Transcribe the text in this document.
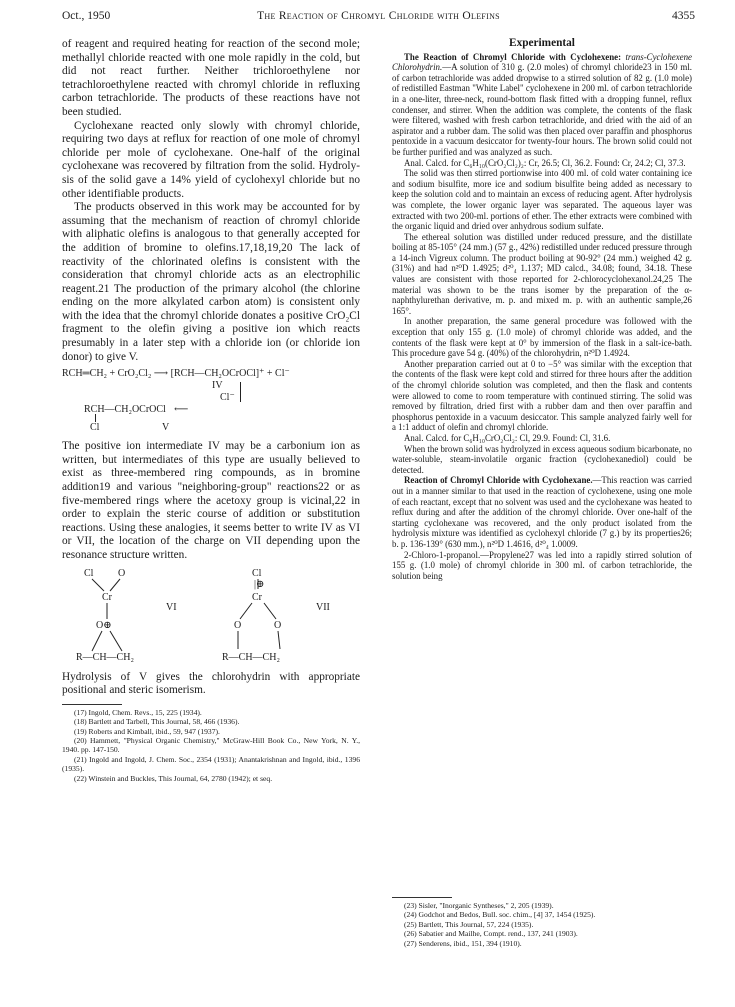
Oct., 1950	The Reaction of Chromyl Chloride with Olefins	4355

of reagent and required heating for reaction of the second mole; methallyl chloride reacted with one mole rapidly in the cold, but did not react further. Neither trichloroethylene nor tetrachloroethylene reacted with chromyl chloride in refluxing carbon tetrachloride. The products of these reactions have not been studied.

Cyclohexane reacted only slowly with chromyl chloride, requiring two days at reflux for reaction of one mole of chromyl chloride per mole of cyclohexane. One-half of the original cyclohexane was recovered by filtration from the solid. Hydrolysis of the solid gave a 14% yield of cyclohexyl chloride but no other identifiable products.

The products observed in this work may be accounted for by assuming that the mechanism of reaction of chromyl chloride with aliphatic olefins is analogous to that generally accepted for the addition of bromine to olefins.17,18,19,20 The lack of reactivity of the chlorinated olefins is consistent with the consideration that chromyl chloride acts as an electrophilic reagent.21 The production of the primary alcohol (the chlorine ending on the more alkylated carbon atom) is consistent only with the idea that the chromyl chloride donates a positive CrO₂Cl fragment to the olefin giving a positive ion which reacts presumably in a later step with a chloride ion (or chloride ion donor) to give V.

RCH═CH₂ + CrO₂Cl₂ ⟶ [RCH—CH₂OCrOCl]⁺ + Cl⁻
IV
Cl⁻
RCH—CH₂OCrOCl ⟵
Cl	V

The positive ion intermediate IV may be a carbonium ion as written, but intermediates of this type are usually believed to exist as three-membered ring compounds, as in bromine addition19 and various "neighboring-group" reactions22 or as five-membered rings where the acetoxy group is vicinal,22 in order to explain the steric course of addition or substitution reactions. Using these analogies, it seems better to write IV as VI or VII, the location of the charge on VII depending upon the resonance structure written.

Cl O
Cr
VI
O⊕
R—CH—CH₂
Cl
|⊕
Cr
VII
O	O
R—CH—CH₂

Hydrolysis of V gives the chlorohydrin with appropriate positional and steric isomerism.

(17) Ingold, Chem. Revs., 15, 225 (1934).

(18) Bartlett and Tarbell, This Journal, 58, 466 (1936).

(19) Roberts and Kimball, ibid., 59, 947 (1937).

(20) Hammett, "Physical Organic Chemistry," McGraw-Hill Book Co., New York, N. Y., 1940. pp. 147-150.

(21) Ingold and Ingold, J. Chem. Soc., 2354 (1931); Anantakrishnan and Ingold, ibid., 1396 (1935).

(22) Winstein and Buckles, This Journal, 64, 2780 (1942); et seq.

Experimental

The Reaction of Chromyl Chloride with Cyclohexene: trans-Cyclohexene Chlorohydrin.—A solution of 310 g. (2.0 moles) of chromyl chloride23 in 150 ml. of carbon tetrachloride was added dropwise to a stirred solution of 82 g. (1.0 mole) of redistilled Eastman "White Label" cyclohexene in 200 ml. of carbon tetrachloride in a one-liter, three-neck, round-bottom flask fitted with a dropping funnel, reflux condenser, and stirrer. When the addition was complete, the contents of the flask were filtered, washed with fresh carbon tetrachloride, and dried with the aid of an aspirator and a rubber dam. The solid was then placed over paraffin and phosphorus pentoxide in a vacuum desiccator for twenty-four hours. The brown solid could not be further purified and was analyzed as such.

Anal. Calcd. for C₆H₁₀(CrO₂Cl₂)₂: Cr, 26.5; Cl, 36.2. Found: Cr, 24.2; Cl, 37.3.

The solid was then stirred portionwise into 400 ml. of cold water containing ice and sodium bisulfite, more ice and sodium bisulfite being added as necessary to keep the solution cold and to maintain an excess of reducing agent. After hydrolysis was complete, the lower organic layer was separated. The aqueous layer was extracted with two 200-ml. portions of ether. The ether extracts were combined with the organic liquid and dried over anhydrous sodium sulfate.

The ethereal solution was distilled under reduced pressure, and the distillate boiling at 85-105° (24 mm.) (57 g., 42%) redistilled under reduced pressure through a 14-inch Vigreux column. The product boiling at 90-92° (24 mm.) weighed 42 g. (31%) and had n²⁰D 1.4925; d²⁰₄ 1.137; MD calcd., 34.08; found, 34.18. These values are consistent with those reported for 2-chlorocyclohexanol.24,25 The material was shown to be the trans isomer by the preparation of the α-naphthylurethan derivative, m. p. and mixed m. p. with an authentic sample,26 165°.

In another preparation, the same general procedure was followed with the exception that only 155 g. (1.0 mole) of chromyl chloride was added, and the contents of the flask were kept at 0° by immersion of the flask in a salt-ice-bath. This procedure gave 54 g. (40%) of the chlorohydrin, n²⁰D 1.4924.

Another preparation carried out at 0 to −5° was similar with the exception that the contents of the flask were kept cold and stirred for three hours after the addition of the chromyl chloride solution was completed, and then the flask and contents were allowed to come to room temperature with continued stirring. The solid was removed by filtration, dried first with a rubber dam and then over paraffin and phosphorus pentoxide in a vacuum desiccator. This sample analyzed fairly well for a 1:1 adduct of olefin and chromyl chloride.

Anal. Calcd. for C₆H₁₀CrO₂Cl₂: Cl, 29.9. Found: Cl, 31.6.

When the brown solid was hydrolyzed in excess aqueous sodium bicarbonate, no water-soluble, steam-involatile organic fraction (cyclohexanediol) could be detected.

Reaction of Chromyl Chloride with Cyclohexane.—This reaction was carried out in a manner similar to that used in the reaction of cyclohexene, using one mole of each reactant, except that no solvent was used and the cyclohexane was heated to reflux during and after the addition of the chromyl chloride. Over one-half of the starting cyclohexane was recovered, and the only product isolated from the hydrolysis mixture was identified as cyclohexyl chloride (7 g.) by its properties26; b. p. 136-139° (630 mm.), n²⁰D 1.4616, d²⁰₄ 1.0009.

2-Chloro-1-propanol.—Propylene27 was led into a rapidly stirred solution of 155 g. (1.0 mole) of chromyl chloride in 300 ml. of carbon tetrachloride, the solution being

(23) Sisler, "Inorganic Syntheses," 2, 205 (1939).

(24) Godchot and Bedos, Bull. soc. chim., [4] 37, 1454 (1925).

(25) Bartlett, This Journal, 57, 224 (1935).

(26) Sabatier and Mailhe, Compt. rend., 137, 241 (1903).

(27) Senderens, ibid., 151, 394 (1910).
